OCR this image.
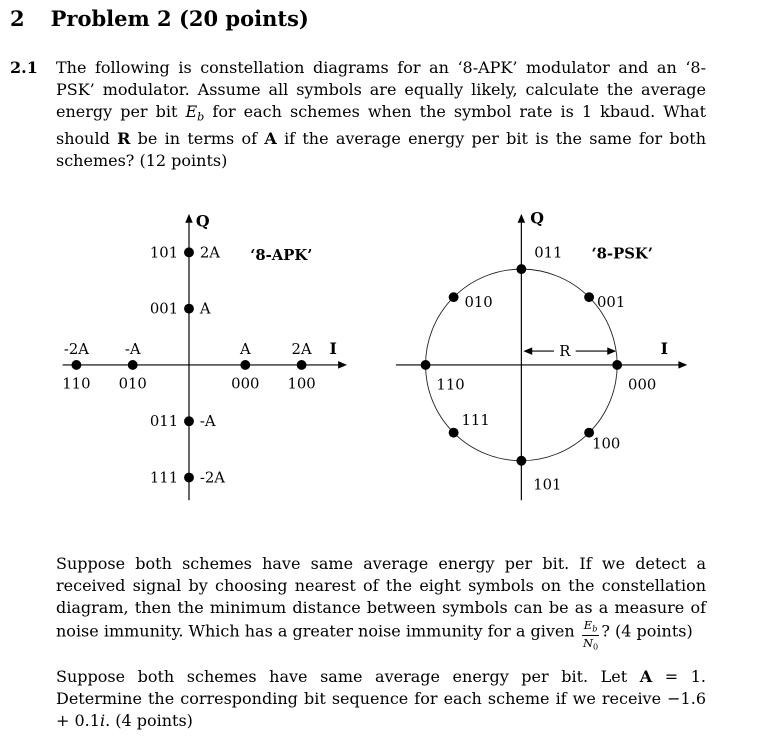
2 Problem 2 (20 points)
2.1	The following is constellation diagrams for an ‘8-APK’ modulator and an ‘8-PSK’ modulator. Assume all symbols are equally likely, calculate the average energy per bit $E_b$ for each schemes when the symbol rate is 1 kbaud. What should R be in terms of A if the average energy per bit is the same for both schemes? (12 points)

Q
I
‘8-APK’
101 2A
001 A
011 -A
111 -2A
-2A
110
-A
010
A
000
2A
100
Q
I
‘8-PSK’
011
001
000
100
101
111
110
010
R

Suppose both schemes have same average energy per bit. If we detect a received signal by choosing nearest of the eight symbols on the constellation diagram, then the minimum distance between symbols can be as a measure of noise immunity. Which has a greater noise immunity for a given $\frac{E_b}{N_0}$ ? (4 points)

Suppose both schemes have same average energy per bit. Let A = 1. Determine the corresponding bit sequence for each scheme if we receive −1.6 + 0.1i. (4 points)
